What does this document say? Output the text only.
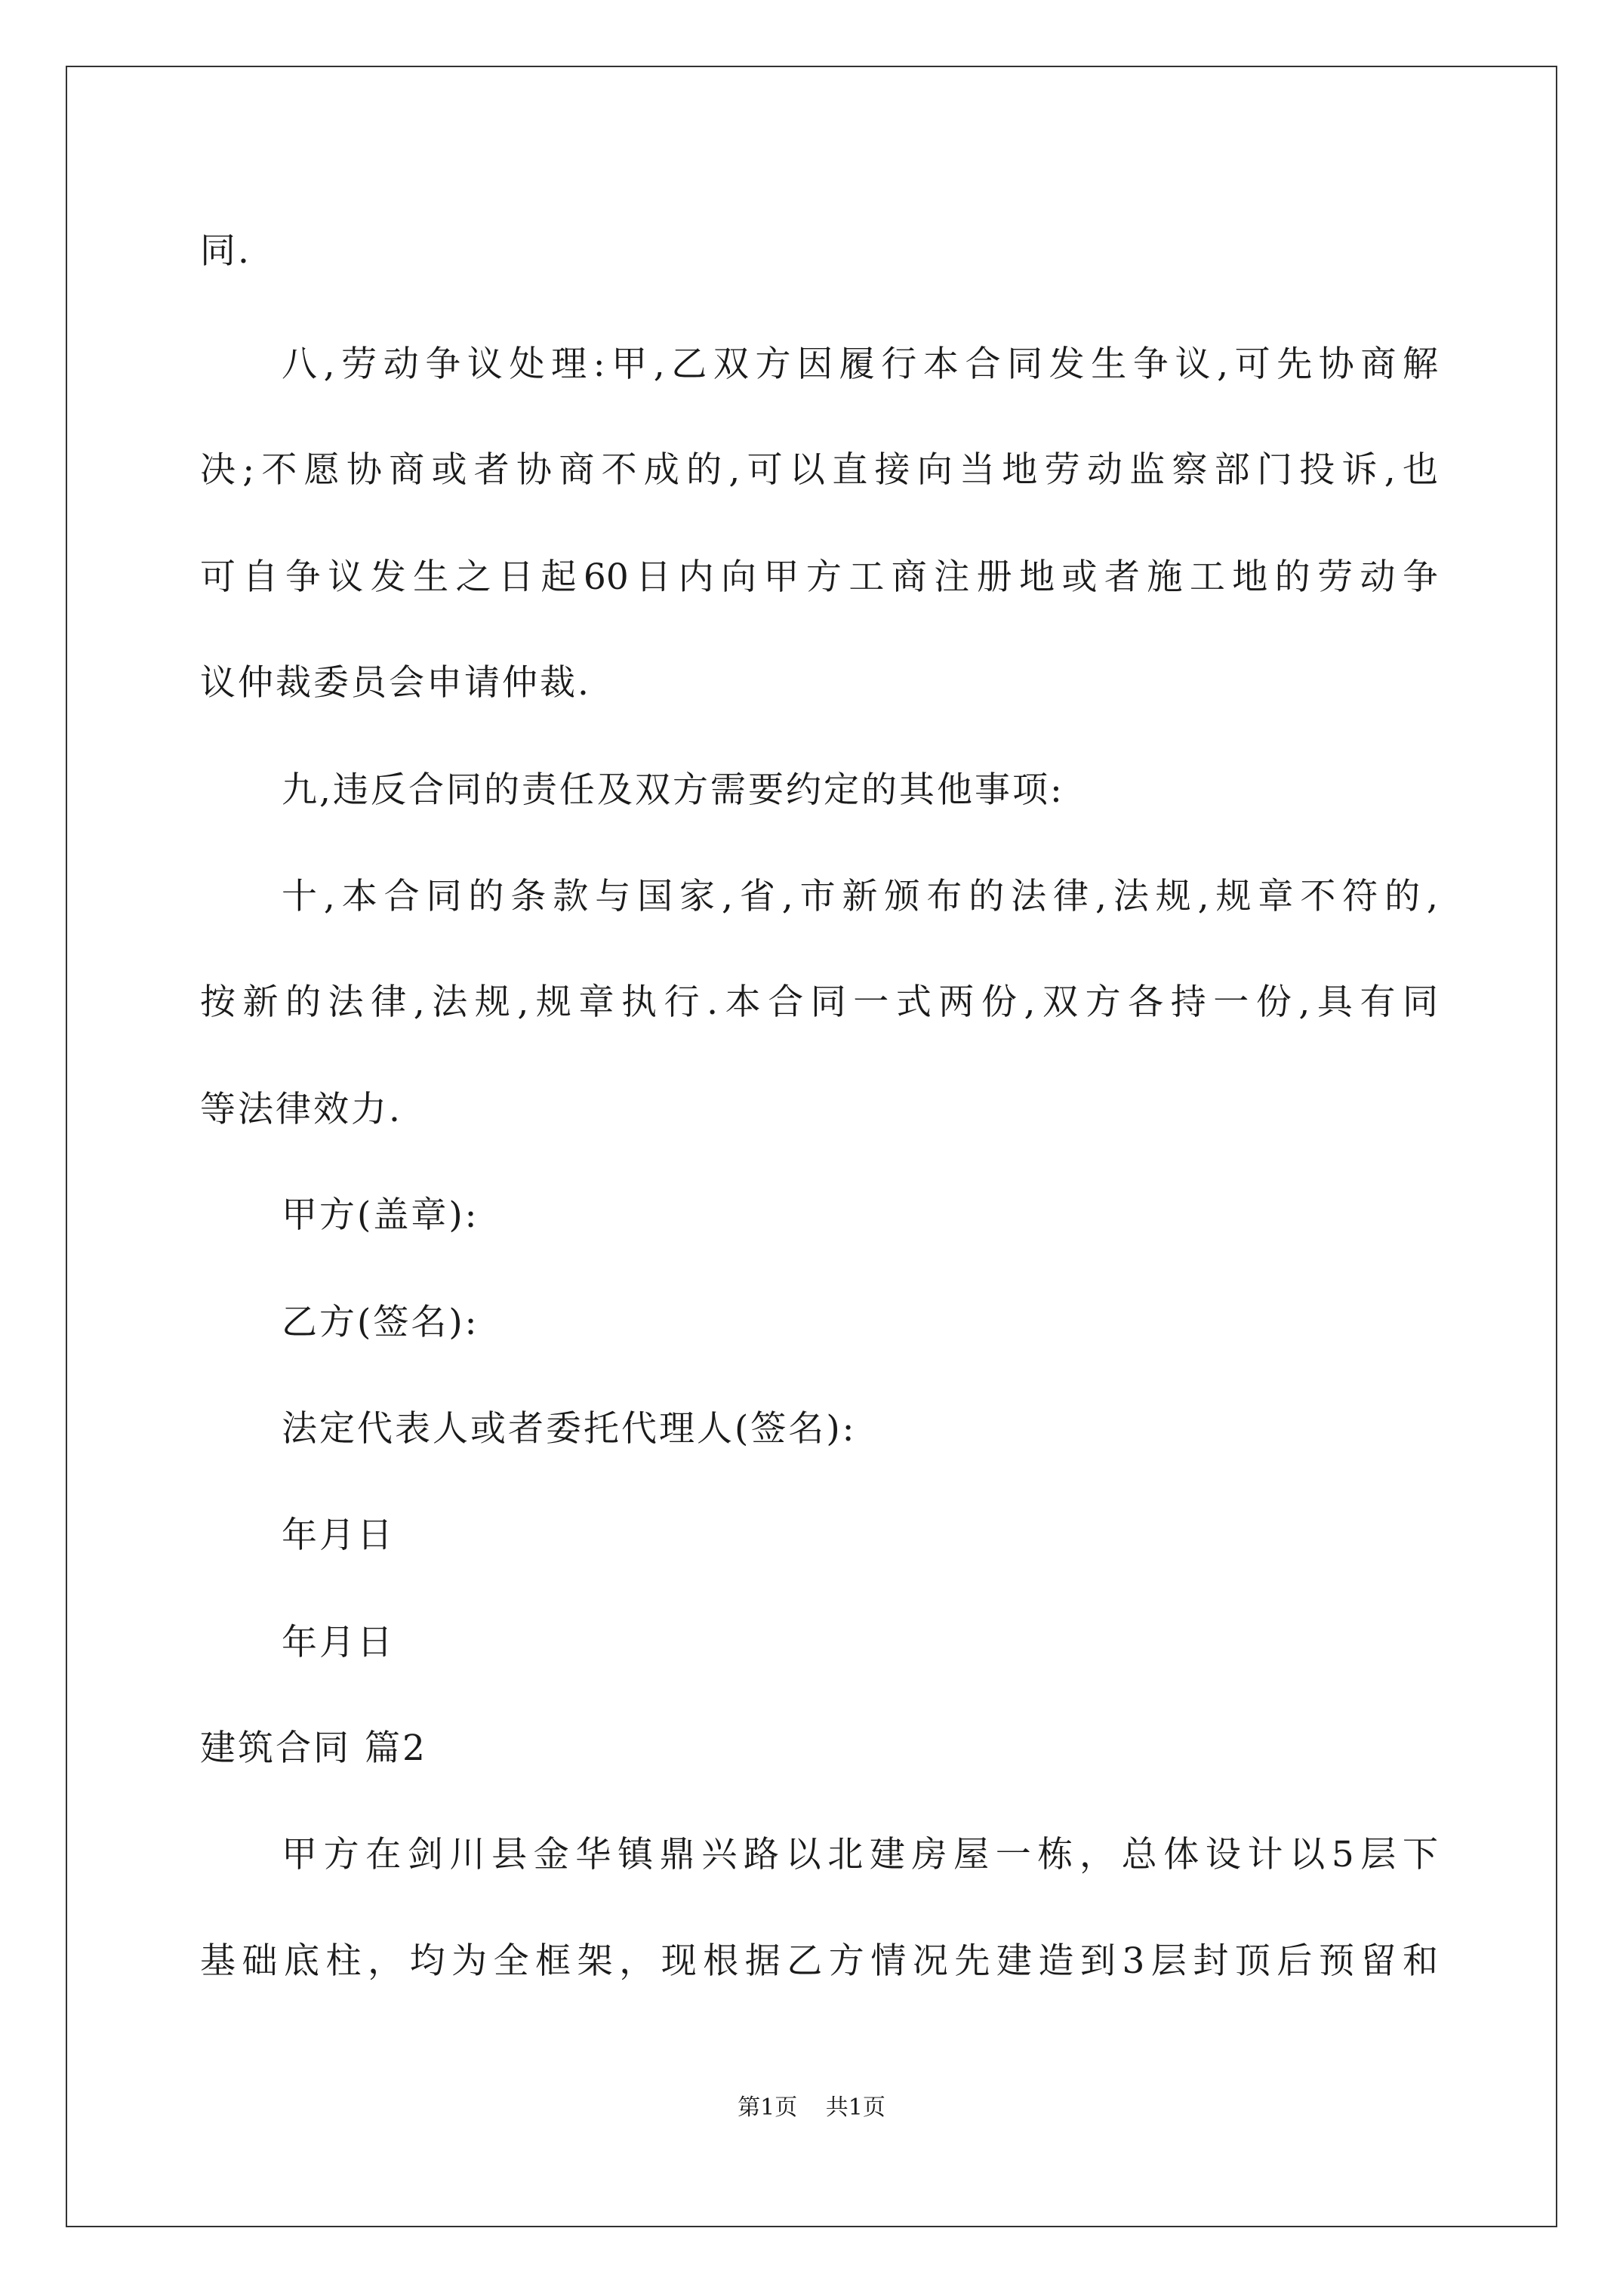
同.
八,劳动争议处理:甲,乙双方因履行本合同发生争议,可先协商解
决;不愿协商或者协商不成的,可以直接向当地劳动监察部门投诉,也
可自争议发生之日起60日内向甲方工商注册地或者施工地的劳动争
议仲裁委员会申请仲裁.
九,违反合同的责任及双方需要约定的其他事项:
十,本合同的条款与国家,省,市新颁布的法律,法规,规章不符的,
按新的法律,法规,规章执行.本合同一式两份,双方各持一份,具有同
等法律效力.
甲方(盖章):
乙方(签名):
法定代表人或者委托代理人(签名):
年月日
年月日
建筑合同 篇2
甲方在剑川县金华镇鼎兴路以北建房屋一栋，总体设计以5层下
基础底柱，均为全框架，现根据乙方情况先建造到3层封顶后预留和
第1页 共1页
